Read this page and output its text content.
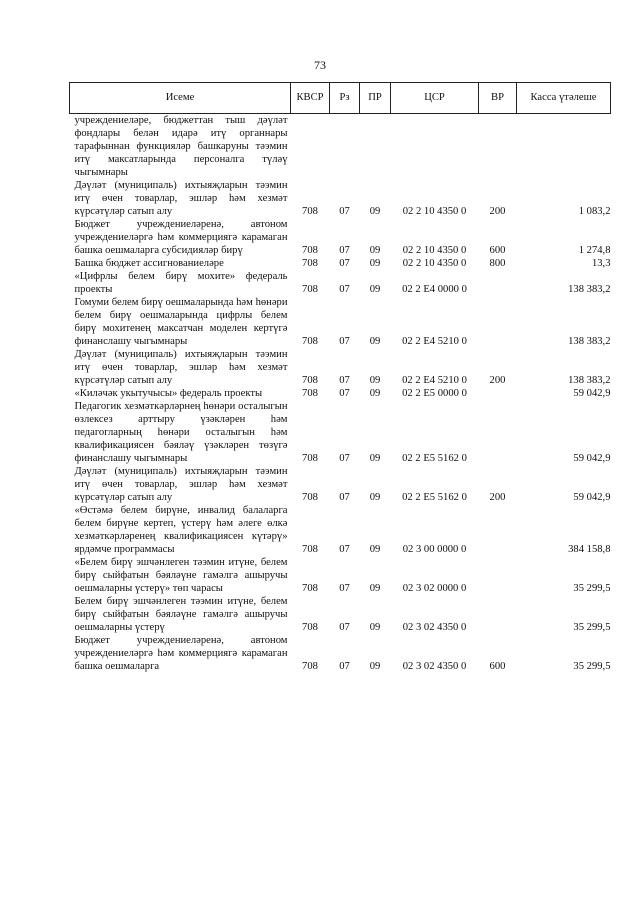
73
Исеме	КВСР	Рз	ПР	ЦСР	ВР	Касса үтәлеше
учреждениеләре, бюджеттан тыш дәүләт фондлары белән идарә итү органнары тарафыннан функцияләр башкаруны тәэмин итү максатларында персоналга түләү чыгымнары						
Дәүләт (муниципаль) ихтыяҗларын тәэмин итү өчен товарлар, эшләр һәм хезмәт күрсәтүләр сатып алу	708	07	09	02 2 10 4350 0	200	1 083,2
Бюджет учреждениеләренә, автоном учреждениеләргә һәм коммерциягә карамаган башка оешмаларга субсидияләр бирү	708	07	09	02 2 10 4350 0	600	1 274,8
Башка бюджет ассигнованиеләре	708	07	09	02 2 10 4350 0	800	13,3
«Цифрлы белем бирү мохите» федераль проекты	708	07	09	02 2 E4 0000 0		138 383,2
Гомуми белем бирү оешмаларында һәм һөнәри белем бирү оешмаларында цифрлы белем бирү мохитенең максатчан моделен кертүгә финанслашу чыгымнары	708	07	09	02 2 E4 5210 0		138 383,2
Дәүләт (муниципаль) ихтыяҗларын тәэмин итү өчен товарлар, эшләр һәм хезмәт күрсәтүләр сатып алу	708	07	09	02 2 E4 5210 0	200	138 383,2
«Киләчәк укытучысы» федераль проекты	708	07	09	02 2 E5 0000 0		59 042,9
Педагогик хезмәткәрләрнең һөнәри осталыгын өзлексез арттыру үзәкләрен һәм педагогларның һөнәри осталыгын һәм квалификациясен бәяләү үзәкләрен төзүгә финанслашу чыгымнары	708	07	09	02 2 E5 5162 0		59 042,9
Дәүләт (муниципаль) ихтыяҗларын тәэмин итү өчен товарлар, эшләр һәм хезмәт күрсәтүләр сатып алу	708	07	09	02 2 E5 5162 0	200	59 042,9
«Өстәмә белем бирүне, инвалид балаларга белем бирүне кертеп, үстерү һәм әлеге өлкә хезмәткәрләренең квалификациясен күтәрү» ярдәмче программасы	708	07	09	02 3 00 0000 0		384 158,8
«Белем бирү эшчәнлеген тәэмин итүне, белем бирү сыйфатын бәяләүне гамәлгә ашыручы оешмаларны үстерү» төп чарасы	708	07	09	02 3 02 0000 0		35 299,5
Белем бирү эшчәнлеген тәэмин итүне, белем бирү сыйфатын бәяләүне гамәлгә ашыручы оешмаларны үстерү	708	07	09	02 3 02 4350 0		35 299,5
Бюджет учреждениеләренә, автоном учреждениеләргә һәм коммерциягә карамаган башка оешмаларга	708	07	09	02 3 02 4350 0	600	35 299,5
